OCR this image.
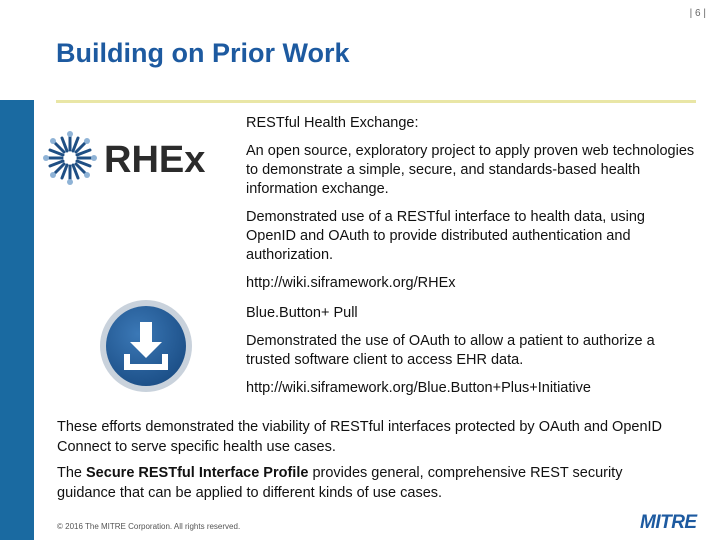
| 6 |
Building on Prior Work
RHEx

RESTful Health Exchange:

An open source, exploratory project to apply proven web technologies to demonstrate a simple, secure, and standards-based health information exchange.

Demonstrated use of a RESTful interface to health data, using OpenID and OAuth to provide distributed authentication and authorization.

http://wiki.siframework.org/RHEx

Blue.Button+ Pull

Demonstrated the use of OAuth to allow a patient to authorize a trusted software client to access EHR data.

http://wiki.siframework.org/Blue.Button+Plus+Initiative

These efforts demonstrated the viability of RESTful interfaces protected by OAuth and OpenID Connect to serve specific health use cases.

The Secure RESTful Interface Profile provides general, comprehensive REST security guidance that can be applied to different kinds of use cases.

© 2016 The MITRE Corporation. All rights reserved.	MITRE
